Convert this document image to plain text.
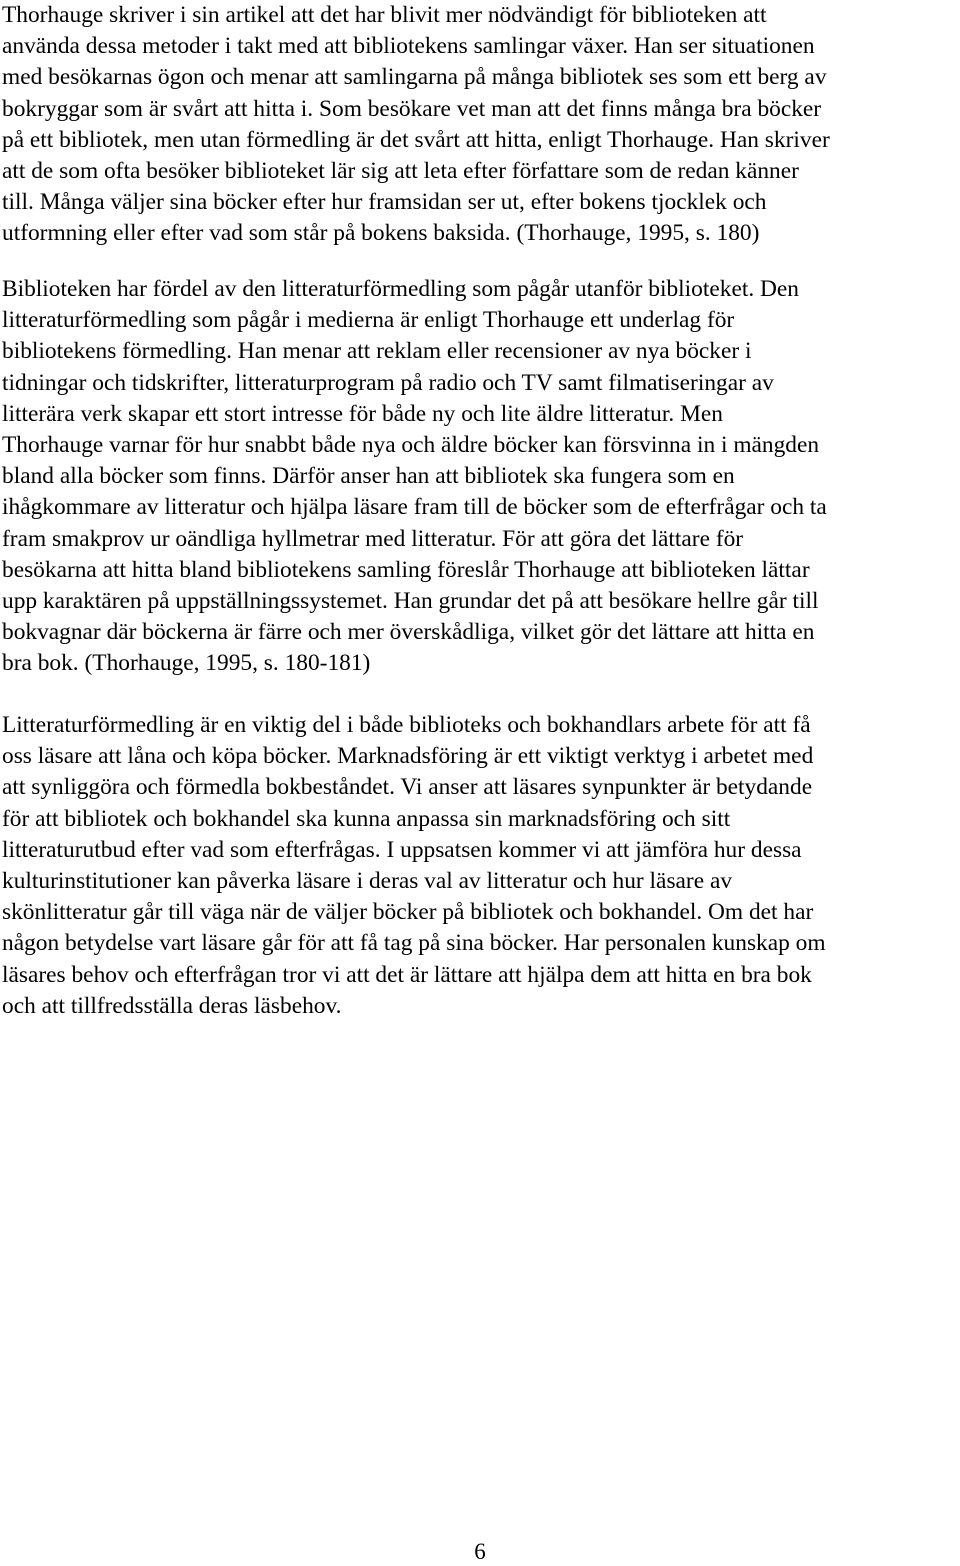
Thorhauge skriver i sin artikel att det har blivit mer nödvändigt för biblioteken att
använda dessa metoder i takt med att bibliotekens samlingar växer. Han ser situationen
med besökarnas ögon och menar att samlingarna på många bibliotek ses som ett berg av
bokryggar som är svårt att hitta i. Som besökare vet man att det finns många bra böcker
på ett bibliotek, men utan förmedling är det svårt att hitta, enligt Thorhauge. Han skriver
att de som ofta besöker biblioteket lär sig att leta efter författare som de redan känner
till. Många väljer sina böcker efter hur framsidan ser ut, efter bokens tjocklek och
utformning eller efter vad som står på bokens baksida. (Thorhauge, 1995, s. 180)
Biblioteken har fördel av den litteraturförmedling som pågår utanför biblioteket. Den
litteraturförmedling som pågår i medierna är enligt Thorhauge ett underlag för
bibliotekens förmedling. Han menar att reklam eller recensioner av nya böcker i
tidningar och tidskrifter, litteraturprogram på radio och TV samt filmatiseringar av
litterära verk skapar ett stort intresse för både ny och lite äldre litteratur. Men
Thorhauge varnar för hur snabbt både nya och äldre böcker kan försvinna in i mängden
bland alla böcker som finns. Därför anser han att bibliotek ska fungera som en
ihågkommare av litteratur och hjälpa läsare fram till de böcker som de efterfrågar och ta
fram smakprov ur oändliga hyllmetrar med litteratur. För att göra det lättare för
besökarna att hitta bland bibliotekens samling föreslår Thorhauge att biblioteken lättar
upp karaktären på uppställningssystemet. Han grundar det på att besökare hellre går till
bokvagnar där böckerna är färre och mer överskådliga, vilket gör det lättare att hitta en
bra bok. (Thorhauge, 1995, s. 180-181)
Litteraturförmedling är en viktig del i både biblioteks och bokhandlars arbete för att få
oss läsare att låna och köpa böcker. Marknadsföring är ett viktigt verktyg i arbetet med
att synliggöra och förmedla bokbeståndet. Vi anser att läsares synpunkter är betydande
för att bibliotek och bokhandel ska kunna anpassa sin marknadsföring och sitt
litteraturutbud efter vad som efterfrågas. I uppsatsen kommer vi att jämföra hur dessa
kulturinstitutioner kan påverka läsare i deras val av litteratur och hur läsare av
skönlitteratur går till väga när de väljer böcker på bibliotek och bokhandel. Om det har
någon betydelse vart läsare går för att få tag på sina böcker. Har personalen kunskap om
läsares behov och efterfrågan tror vi att det är lättare att hjälpa dem att hitta en bra bok
och att tillfredsställa deras läsbehov.
6
